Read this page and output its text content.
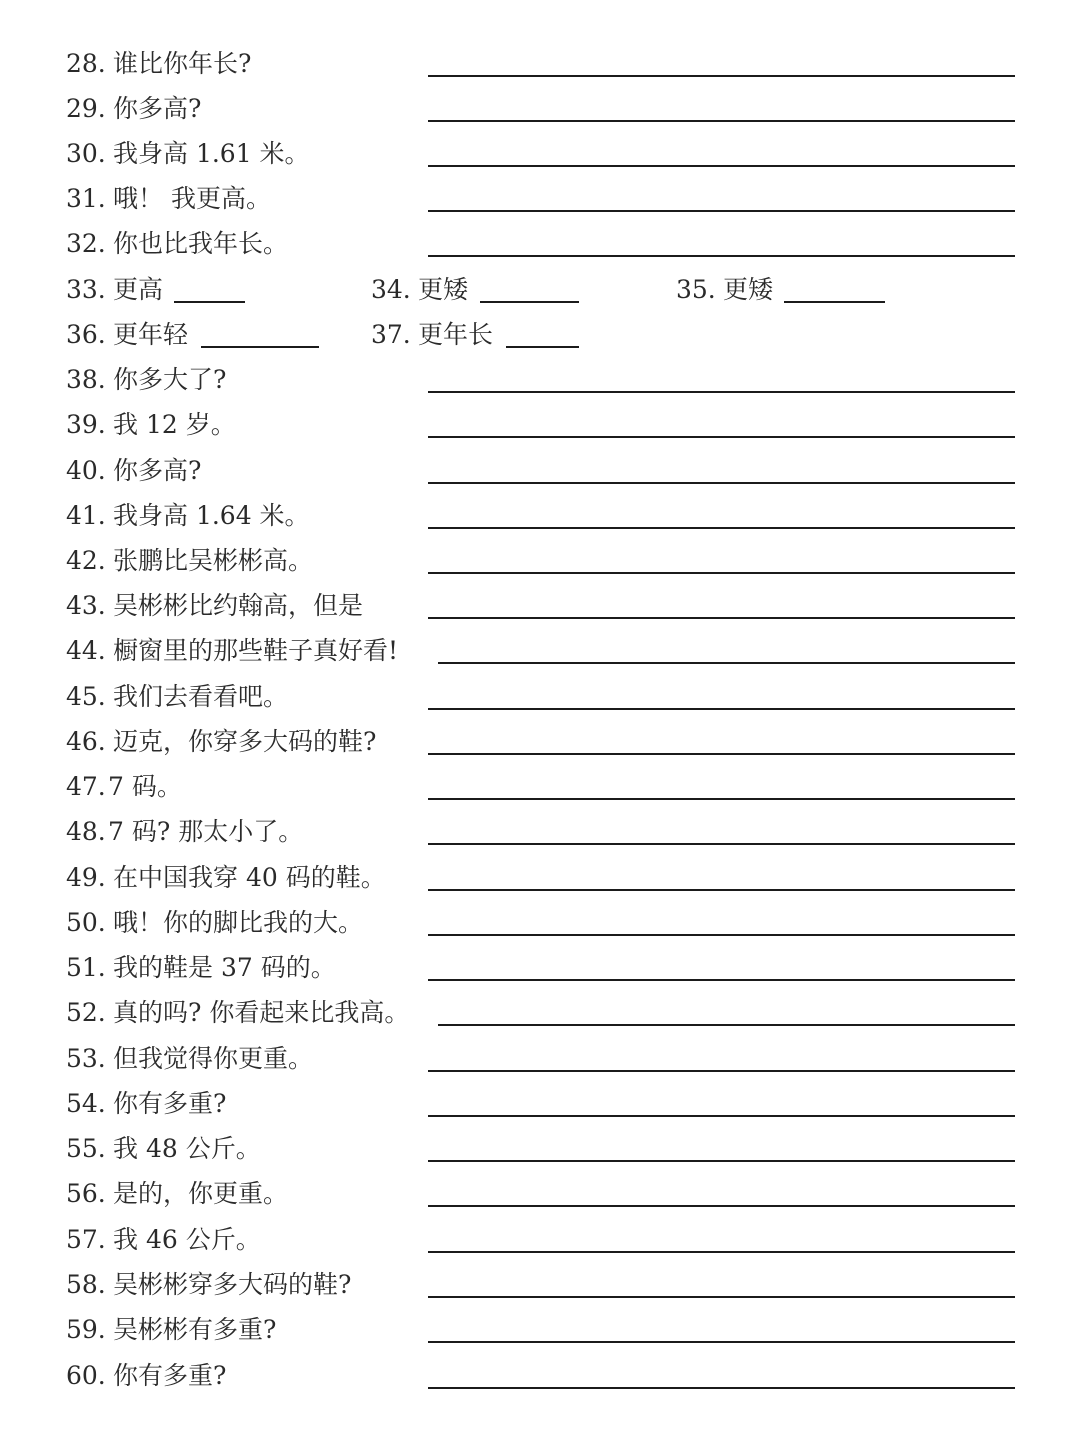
28. 谁比你年长?
29. 你多高?
30. 我身高 1.61 米。
31. 哦！ 我更高。
32. 你也比我年长。
33. 更高	34. 更矮	35. 更矮
36. 更年轻	37. 更年长
38. 你多大了?
39. 我 12 岁。
40. 你多高?
41. 我身高 1.64 米。
42. 张鹏比吴彬彬高。
43. 吴彬彬比约翰高，但是
44. 橱窗里的那些鞋子真好看!
45. 我们去看看吧。
46. 迈克，你穿多大码的鞋?
47. 7 码。
48. 7 码? 那太小了。
49. 在中国我穿 40 码的鞋。
50. 哦！你的脚比我的大。
51. 我的鞋是 37 码的。
52. 真的吗? 你看起来比我高。
53. 但我觉得你更重。
54. 你有多重?
55. 我 48 公斤。
56. 是的，你更重。
57. 我 46 公斤。
58. 吴彬彬穿多大码的鞋?
59. 吴彬彬有多重?
60. 你有多重?
